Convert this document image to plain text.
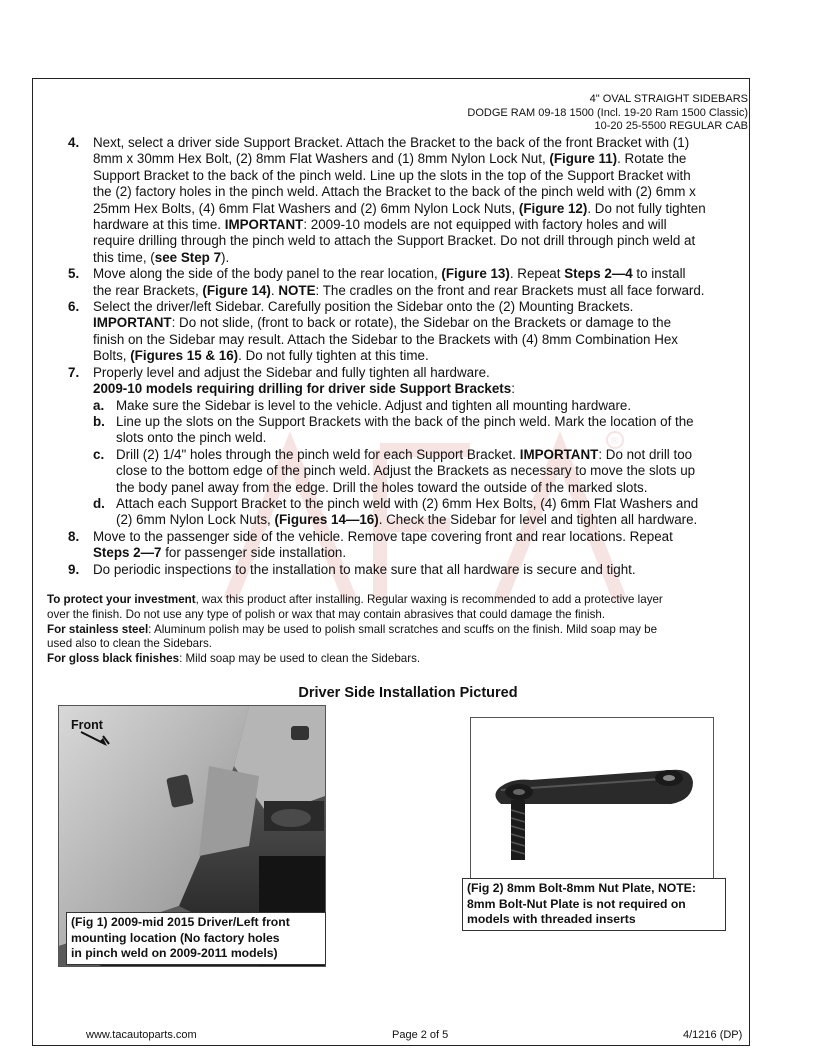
®
4" OVAL STRAIGHT SIDEBARS
DODGE RAM 09-18 1500 (Incl. 19-20 Ram 1500 Classic)
10-20 25-5500 REGULAR CAB
4. Next, select a driver side Support Bracket. Attach the Bracket to the back of the front Bracket with (1)
8mm x 30mm Hex Bolt, (2) 8mm Flat Washers and (1) 8mm Nylon Lock Nut, (Figure 11). Rotate the
Support Bracket to the back of the pinch weld. Line up the slots in the top of the Support Bracket with
the (2) factory holes in the pinch weld. Attach the Bracket to the back of the pinch weld with (2) 6mm x
25mm Hex Bolts, (4) 6mm Flat Washers and (2) 6mm Nylon Lock Nuts, (Figure 12). Do not fully tighten
hardware at this time. IMPORTANT: 2009-10 models are not equipped with factory holes and will
require drilling through the pinch weld to attach the Support Bracket. Do not drill through pinch weld at
this time, (see Step 7).
5. Move along the side of the body panel to the rear location, (Figure 13). Repeat Steps 2—4 to install
the rear Brackets, (Figure 14). NOTE: The cradles on the front and rear Brackets must all face forward.
6. Select the driver/left Sidebar. Carefully position the Sidebar onto the (2) Mounting Brackets.
IMPORTANT: Do not slide, (front to back or rotate), the Sidebar on the Brackets or damage to the
finish on the Sidebar may result. Attach the Sidebar to the Brackets with (4) 8mm Combination Hex
Bolts, (Figures 15 & 16). Do not fully tighten at this time.
7. Properly level and adjust the Sidebar and fully tighten all hardware.
2009-10 models requiring drilling for driver side Support Brackets:
a. Make sure the Sidebar is level to the vehicle. Adjust and tighten all mounting hardware.
b. Line up the slots on the Support Brackets with the back of the pinch weld. Mark the location of the
slots onto the pinch weld.
c. Drill (2) 1/4" holes through the pinch weld for each Support Bracket. IMPORTANT: Do not drill too
close to the bottom edge of the pinch weld. Adjust the Brackets as necessary to move the slots up
the body panel away from the edge. Drill the holes toward the outside of the marked slots.
d. Attach each Support Bracket to the pinch weld with (2) 6mm Hex Bolts, (4) 6mm Flat Washers and
(2) 6mm Nylon Lock Nuts, (Figures 14—16). Check the Sidebar for level and tighten all hardware.
8. Move to the passenger side of the vehicle. Remove tape covering front and rear locations. Repeat
Steps 2—7 for passenger side installation.
9. Do periodic inspections to the installation to make sure that all hardware is secure and tight.
To protect your investment, wax this product after installing. Regular waxing is recommended to add a protective layer
over the finish. Do not use any type of polish or wax that may contain abrasives that could damage the finish.
For stainless steel: Aluminum polish may be used to polish small scratches and scuffs on the finish. Mild soap may be
used also to clean the Sidebars.
For gloss black finishes: Mild soap may be used to clean the Sidebars.
Driver Side Installation Pictured
Front
(Fig 1) 2009-mid 2015 Driver/Left front
mounting location (No factory holes
in pinch weld on 2009-2011 models)
(Fig 2) 8mm Bolt-8mm Nut Plate, NOTE:
8mm Bolt-Nut Plate is not required on
models with threaded inserts
www.tacautoparts.com	Page 2 of 5	4/1216 (DP)
